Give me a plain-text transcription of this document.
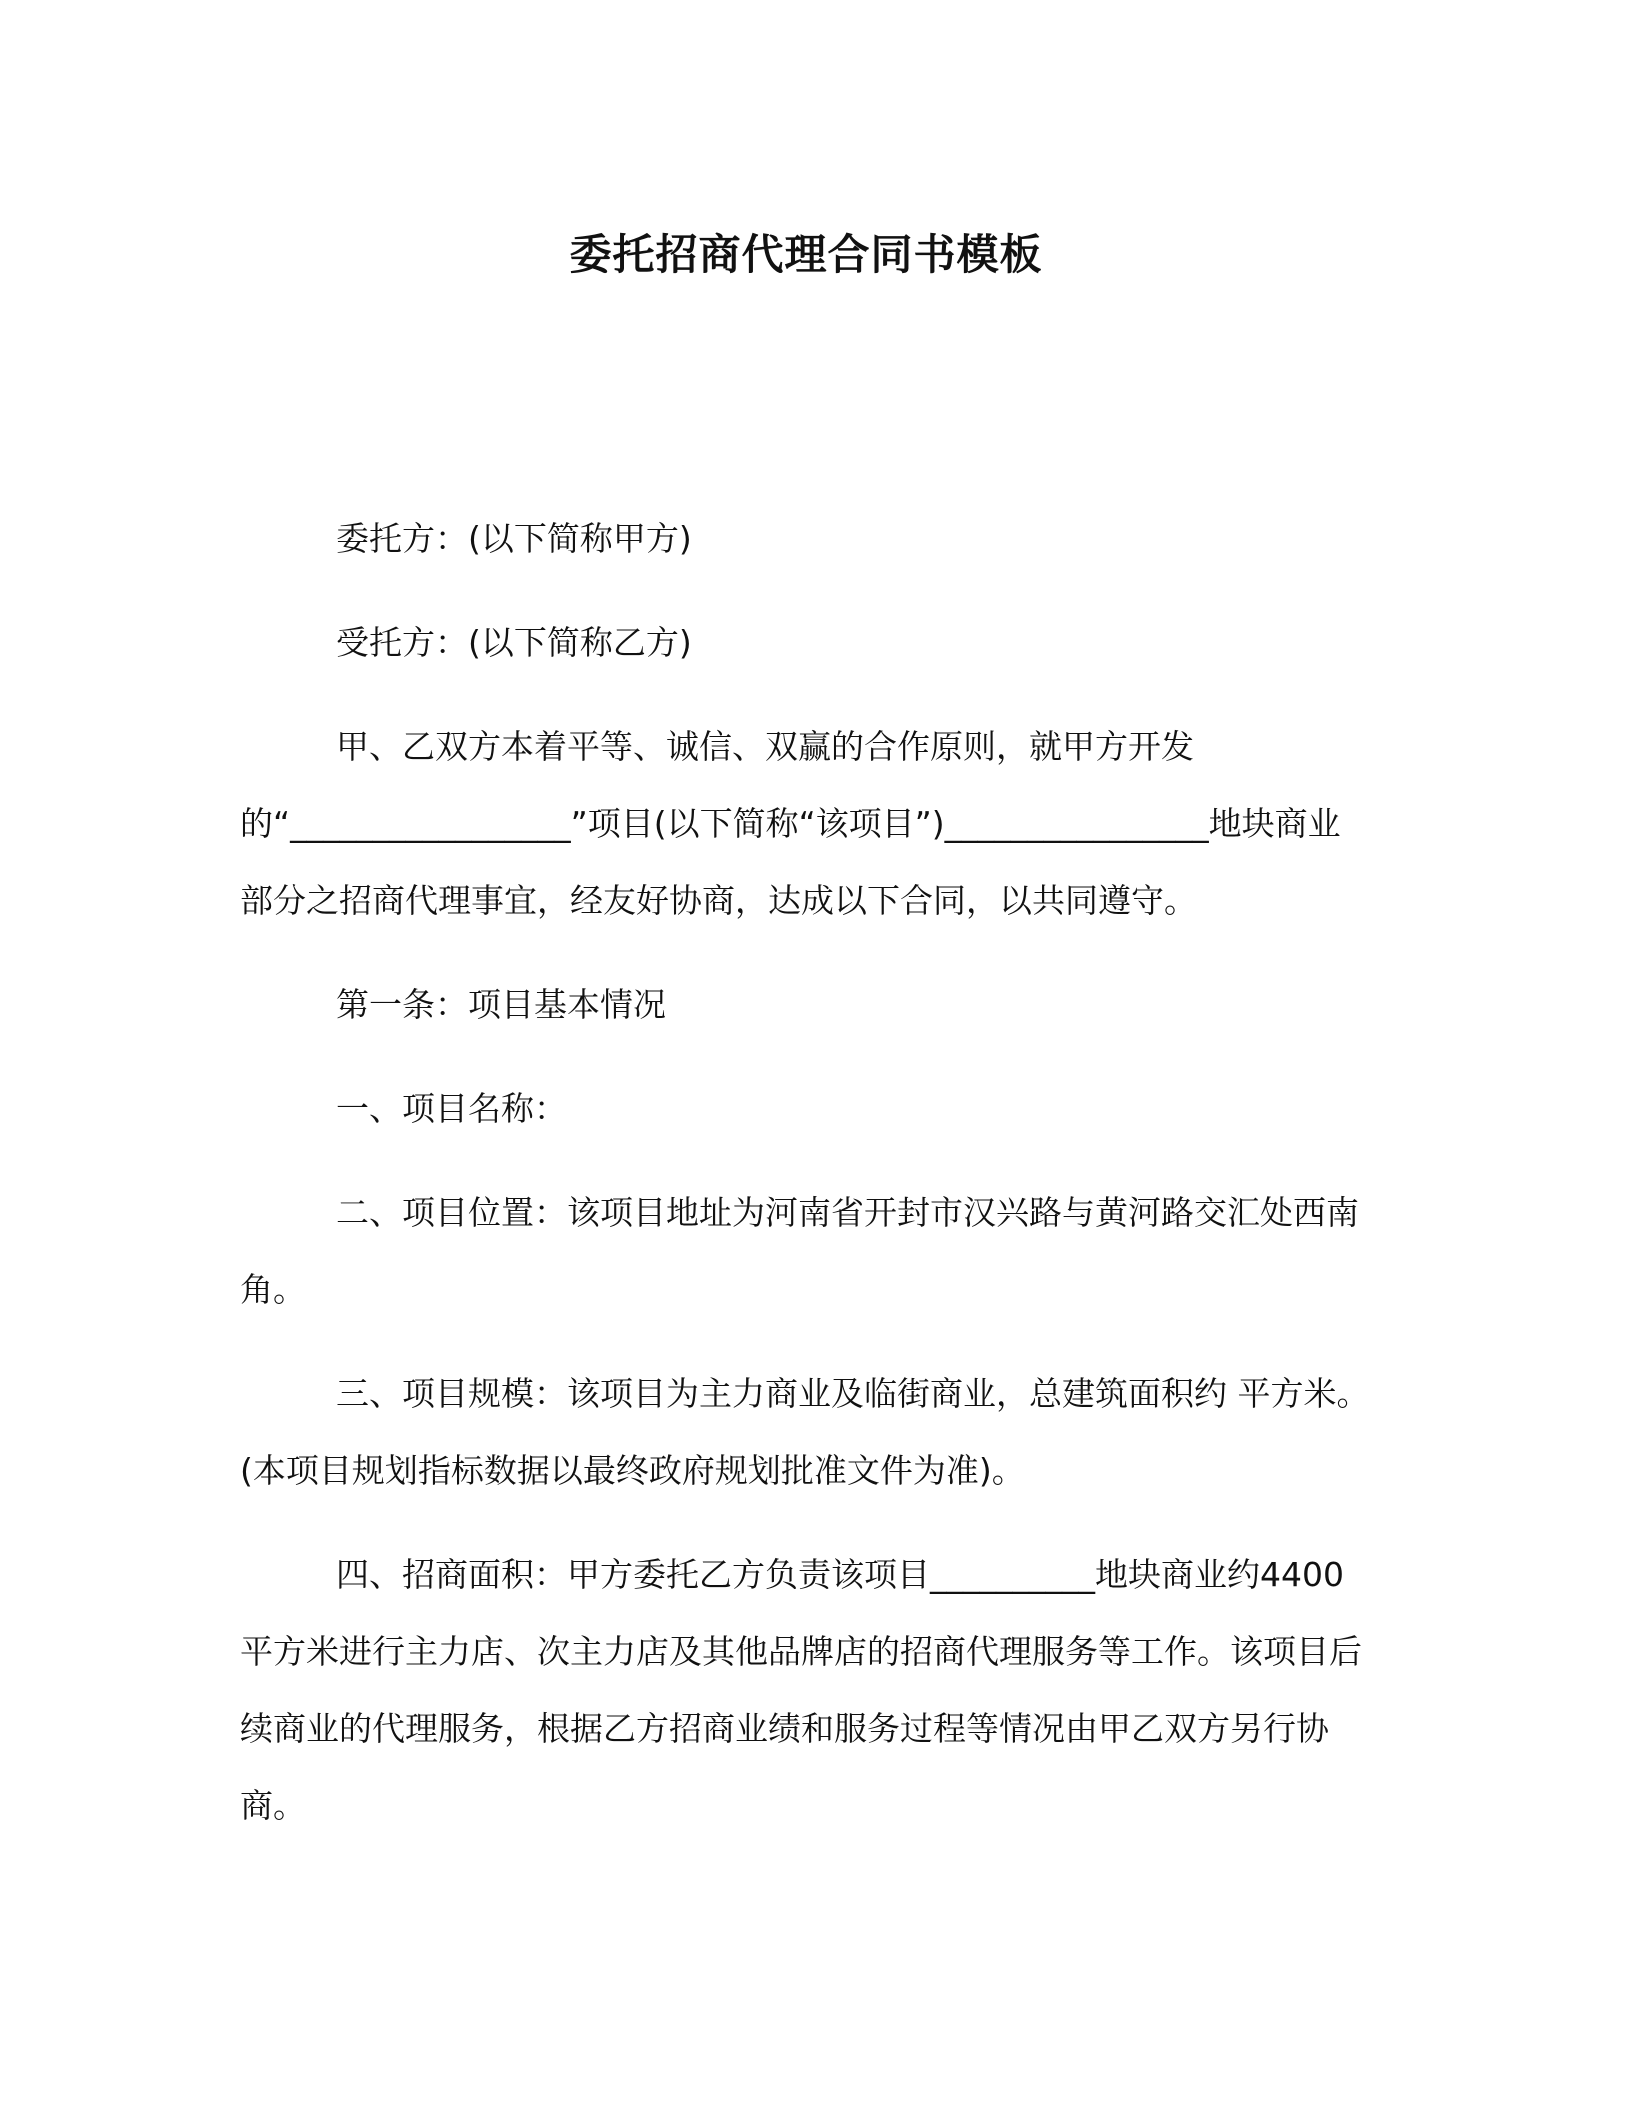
委托招商代理合同书模板

委托方：(以下简称甲方)

受托方：(以下简称乙方)

甲、乙双方本着平等、诚信、双赢的合作原则，就甲方开发的“_________________”项目(以下简称“该项目”)________________地块商业部分之招商代理事宜，经友好协商，达成以下合同，以共同遵守。

第一条：项目基本情况

一、项目名称：

二、项目位置：该项目地址为河南省开封市汉兴路与黄河路交汇处西南角。

三、项目规模：该项目为主力商业及临街商业，总建筑面积约 平方米。(本项目规划指标数据以最终政府规划批准文件为准)。

四、招商面积：甲方委托乙方负责该项目__________地块商业约4400 平方米进行主力店、次主力店及其他品牌店的招商代理服务等工作。该项目后续商业的代理服务，根据乙方招商业绩和服务过程等情况由甲乙双方另行协商。
